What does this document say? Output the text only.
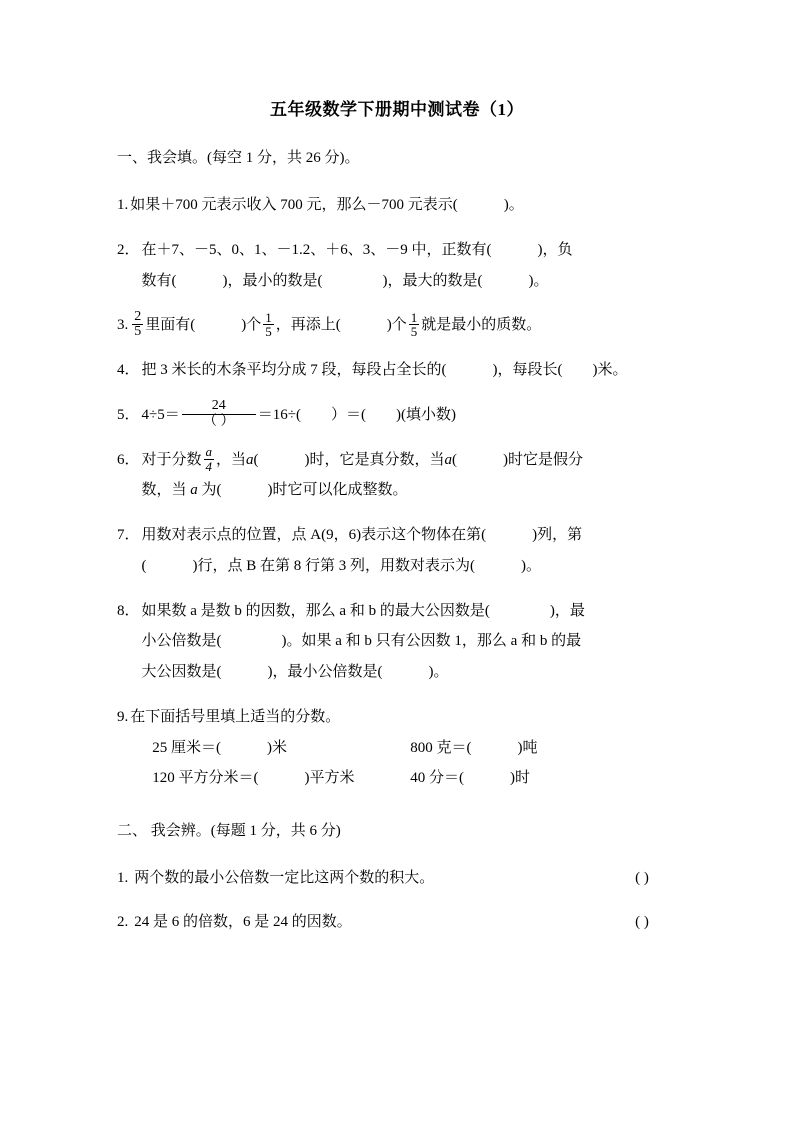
五年级数学下册期中测试卷（1）
一、我会填。(每空 1 分，共 26 分)。
1. 如果＋700 元表示收入 700 元，那么－700 元表示(	)。
2． 在＋7、－5、0、1、－1.2、＋6、3、－9 中，正数有(	)，负
数有(	)，最小的数是(	)，最大的数是(	)。
3. $\frac{2}{5}$ 里面有(	)个 $\frac{1}{5}$ ，再添上(	)个 $\frac{1}{5}$ 就是最小的质数。
4． 把 3 米长的木条平均分成 7 段，每段占全长的(	)，每段长( )米。
5． $4\div 5= \frac{24}{( )} =16\div$( ）＝( )(填小数)
6． 对于分数 $\frac{a}{4}$ ，当a(	)时，它是真分数，当a(	)时它是假分
数，当 a 为(	)时它可以化成整数。
7． 用数对表示点的位置，点 A(9，6)表示这个物体在第(	)列，第
(	)行，点 B 在第 8 行第 3 列，用数对表示为(	)。
8． 如果数 a 是数 b 的因数，那么 a 和 b 的最大公因数是(	)，最
小公倍数是(	)。如果 a 和 b 只有公因数 1，那么 a 和 b 的最
大公因数是(	)，最小公倍数是(	)。
9. 在下面括号里填上适当的分数。
25 厘米＝(	)米	800 克＝(	)吨
120 平方分米＝(	)平方米	40 分＝(	)时
二、 我会辨。(每题 1 分，共 6 分)
1. 两个数的最小公倍数一定比这两个数的积大。	( )
2. 24 是 6 的倍数，6 是 24 的因数。	( )
